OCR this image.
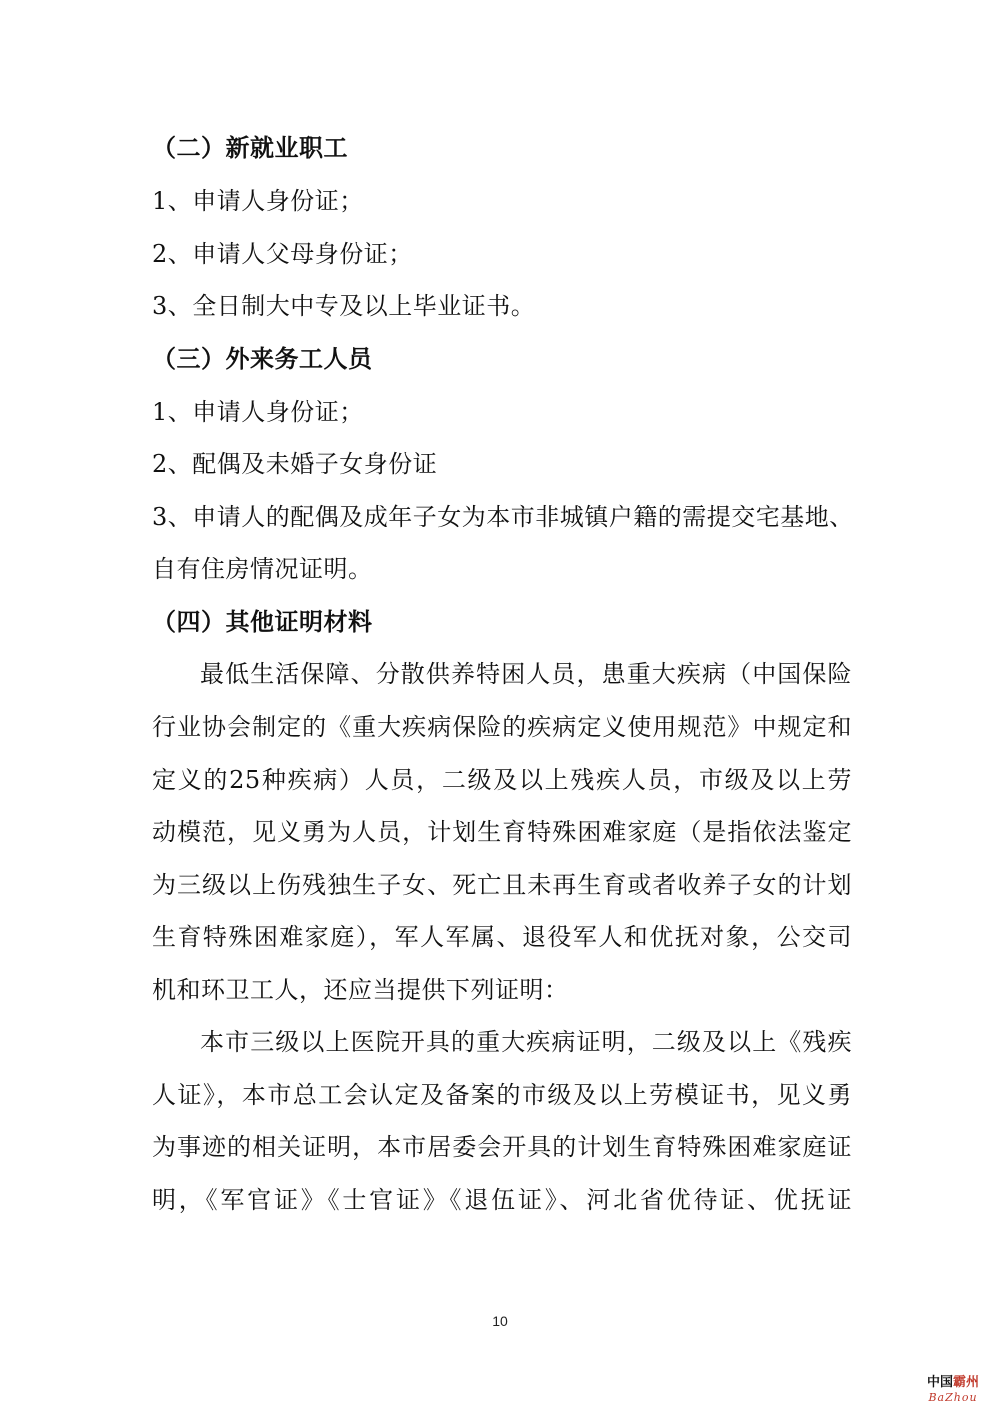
（二）新就业职工
1、申请人身份证；
2、申请人父母身份证；
3、全日制大中专及以上毕业证书。
（三）外来务工人员
1、申请人身份证；
2、配偶及未婚子女身份证
3、申请人的配偶及成年子女为本市非城镇户籍的需提交宅基地、
自有住房情况证明。
（四）其他证明材料
最低生活保障、分散供养特困人员，患重大疾病（中国保险
行业协会制定的《重大疾病保险的疾病定义使用规范》中规定和
定义的25种疾病）人员，二级及以上残疾人员，市级及以上劳
动模范，见义勇为人员，计划生育特殊困难家庭（是指依法鉴定
为三级以上伤残独生子女、死亡且未再生育或者收养子女的计划
生育特殊困难家庭），军人军属、退役军人和优抚对象，公交司
机和环卫工人，还应当提供下列证明：
本市三级以上医院开具的重大疾病证明，二级及以上《残疾
人证》，本市总工会认定及备案的市级及以上劳模证书，见义勇
为事迹的相关证明，本市居委会开具的计划生育特殊困难家庭证
明，《军官证》《士官证》《退伍证》、河北省优待证、优抚证
10
中国霸州
BaZhou
